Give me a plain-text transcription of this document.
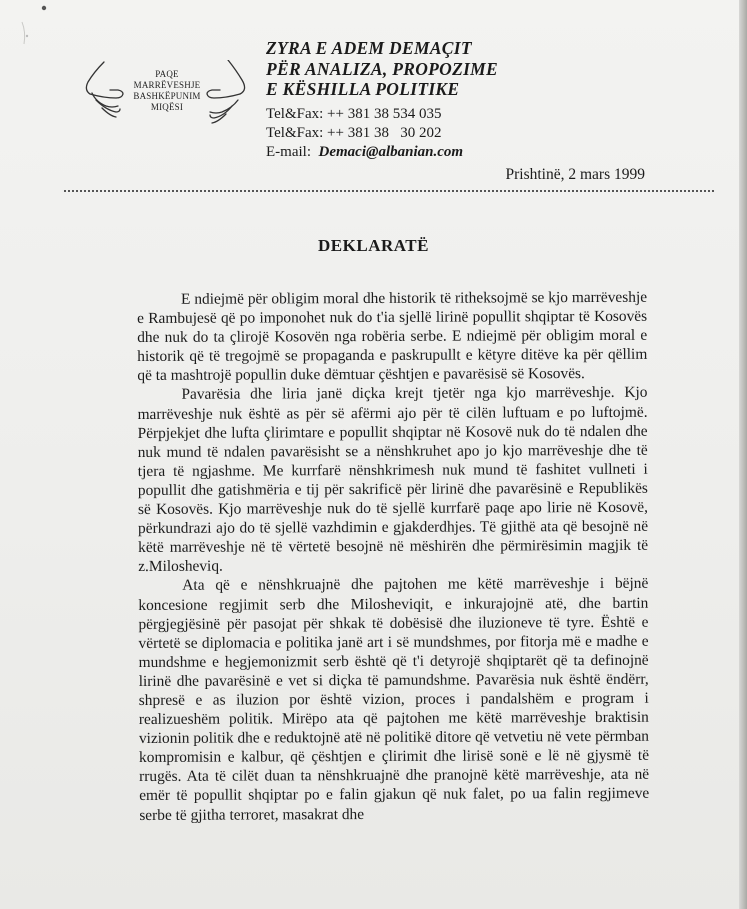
PAQE
MARRËVESHJE
BASHKËPUNIM
MIQËSI
ZYRA E ADEM DEMAÇIT
PËR ANALIZA, PROPOZIME
E KËSHILLA POLITIKE
Tel&Fax: ++ 381 38 534 035
Tel&Fax: ++ 381 38   30 202
E-mail: Demaci@albanian.com
Prishtinë, 2 mars 1999
DEKLARATË

E ndiejmë për obligim moral dhe historik të ritheksojmë se kjo marrëveshje e Rambujesë që po imponohet nuk do t'ia sjellë lirinë popullit shqiptar të Kosovës dhe nuk do ta çlirojë Kosovën nga robëria serbe. E ndiejmë për obligim moral e historik që të tregojmë se propaganda e paskrupullt e këtyre ditëve ka për qëllim që ta mashtrojë popullin duke dëmtuar çështjen e pavarësisë së Kosovës.

Pavarësia dhe liria janë diçka krejt tjetër nga kjo marrëveshje. Kjo marrëveshje nuk është as për së afërmi ajo për të cilën luftuam e po luftojmë. Përpjekjet dhe lufta çlirimtare e popullit shqiptar në Kosovë nuk do të ndalen dhe nuk mund të ndalen pavarësisht se a nënshkruhet apo jo kjo marrëveshje dhe të tjera të ngjashme. Me kurrfarë nënshkrimesh nuk mund të fashitet vullneti i popullit dhe gatishmëria e tij për sakrificë për lirinë dhe pavarësinë e Republikës së Kosovës. Kjo marrëveshje nuk do të sjellë kurrfarë paqe apo lirie në Kosovë, përkundrazi ajo do të sjellë vazhdimin e gjakderdhjes. Të gjithë ata që besojnë në këtë marrëveshje në të vërtetë besojnë në mëshirën dhe përmirësimin magjik të z.Milosheviq.

Ata që e nënshkruajnë dhe pajtohen me këtë marrëveshje i bëjnë koncesione regjimit serb dhe Milosheviqit, e inkurajojnë atë, dhe bartin përgjegjësinë për pasojat për shkak të dobësisë dhe iluzioneve të tyre. Është e vërtetë se diplomacia e politika janë art i së mundshmes, por fitorja më e madhe e mundshme e hegjemonizmit serb është që t'i detyrojë shqiptarët që ta definojnë lirinë dhe pavarësinë e vet si diçka të pamundshme. Pavarësia nuk është ëndërr, shpresë e as iluzion por është vizion, proces i pandalshëm e program i realizueshëm politik. Mirëpo ata që pajtohen me këtë marrëveshje braktisin vizionin politik dhe e reduktojnë atë në politikë ditore që vetvetiu në vete përmban kompromisin e kalbur, që çështjen e çlirimit dhe lirisë sonë e lë në gjysmë të rrugës. Ata të cilët duan ta nënshkruajnë dhe pranojnë këtë marrëveshje, ata në emër të popullit shqiptar po e falin gjakun që nuk falet, po ua falin regjimeve serbe të gjitha terroret, masakrat dhe
